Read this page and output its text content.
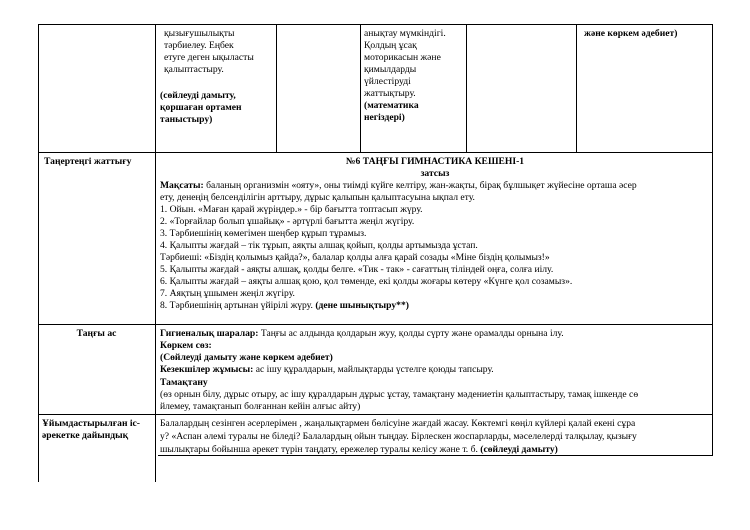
қызығушылықты
тәрбиелеу. Еңбек
етуге деген ықыласты
қалыптастыру.
(сөйлеуді дамыту,
қоршаған ортамен
таныстыру)
анықтау мүмкіндігі.
Қолдың ұсақ
моторикасын және
қимылдарды
үйлестіруді
жаттықтыру.
(математика
негіздері)
және көркем әдебиет)
Таңертеңгі жаттығу	№6 ТАҢҒЫ ГИМНАСТИКА КЕШЕНІ-1
затсыз
Мақсаты: баланың организмін «ояту», оны тиімді күйге келтіру, жан-жақты, бірақ бұлшықет жүйесіне орташа әсер
ету, денеңің белсенділігін арттыру, дұрыс қалыпын қалыптасуына ықпал ету.
1. Ойын. «Маған қарай жүріңдер.» - бір бағытта топтасып жүру.
2. «Торғайлар болып ұшайық» - әртүрлі бағытта жеңіл жүгіру.
3. Тәрбиешінің көмегімен шеңбер құрып тұрамыз.
4. Қалыпты жағдай – тік тұрып, аяқты алшақ қойып, қолды артымызда ұстап.
Тәрбиеші: «Біздің қолымыз қайда?», балалар қолды алға қарай созады «Міне біздің қолымыз!»
5. Қалыпты жағдай - аяқты алшақ, қолды белге. «Тик - так» - сағаттың тіліндей оңға, солға иілу.
6. Қалыпты жағдай – аяқты алшақ қою, қол төменде, екі қолды жоғары көтеру «Күнге қол созамыз».
7. Аяқтың ұшымен жеңіл жүгіру.
8. Тәрбиешінің артынан үйірілі жүру. (дене шынықтыру**)
Таңғы ас	Гигиеналық шаралар: Таңғы ас алдында қолдарын жуу, қолды сүрту және орамалды орнына ілу.
Көркем сөз:
(Сөйлеуді дамыту және көркем әдебиет)
Кезекшілер жұмысы: ас ішу құралдарын, майлықтарды үстелге қоюды тапсыру.
Тамақтану
(өз орнын білу, дұрыс отыру, ас ішу құралдарын дұрыс ұстау, тамақтану мәдениетін қалыптастыру, тамақ ішкенде сө
йлемеу, тамақтанып болғаннан кейін алғыс айту)
Ұйымдастырылған іс-
әрекетке дайындық
Балалардың сезінген әсерлерімен , жаңалықтармен бөлісуіне жағдай жасау. Көктемгі көңіл күйлері қалай екені сұра
у? «Аспан әлемі туралы не біледі? Балалардың ойын тыңдау. Бірлескен жоспарларды, мәселелерді талқылау, қызығу
шылықтары бойынша әрекет түрін таңдату, ережелер туралы келісу және т. б. (сөйлеуді дамыту)
